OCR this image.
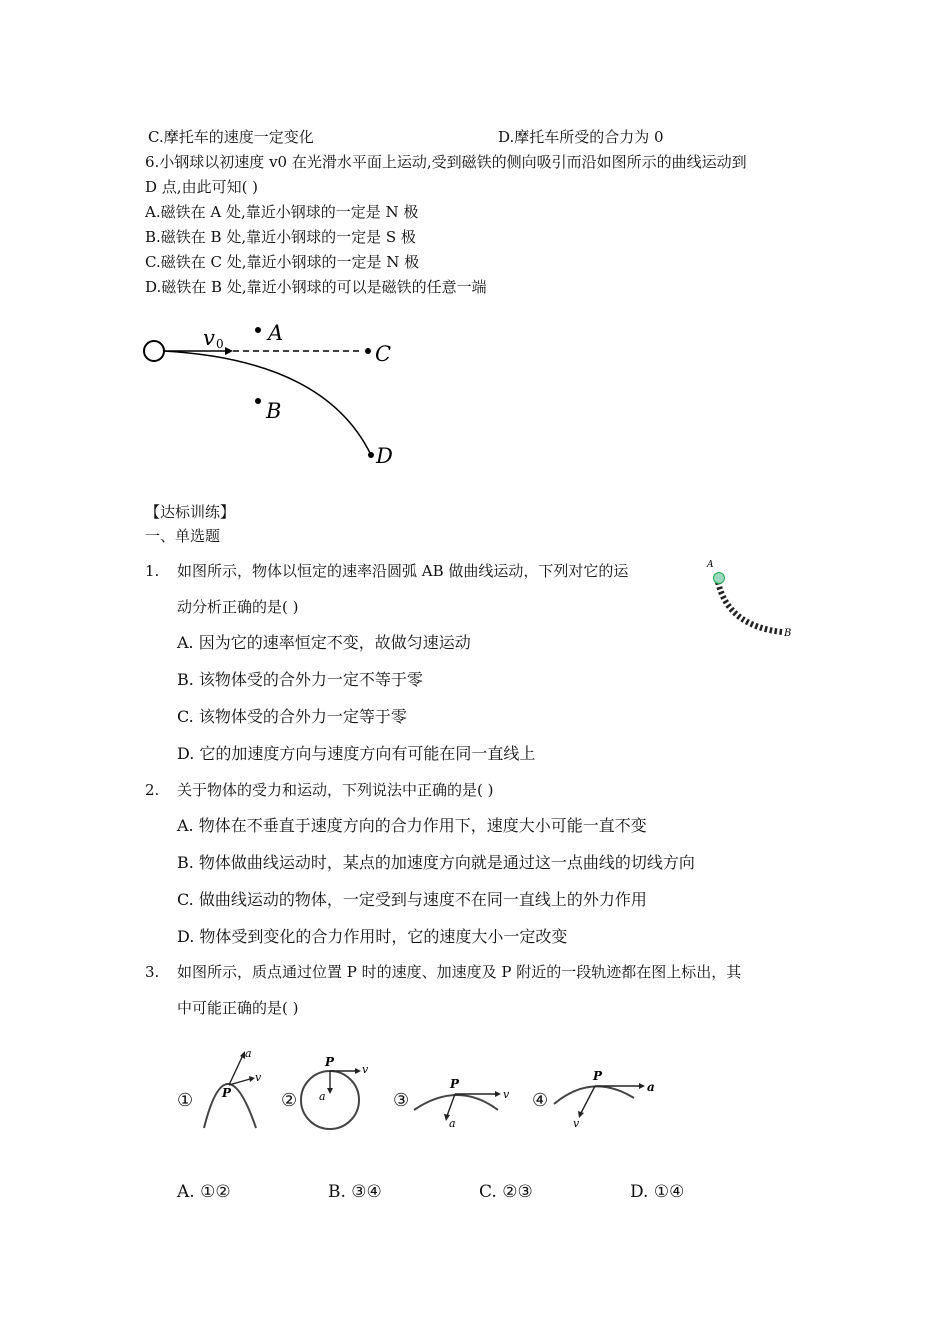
C.摩托车的速度一定变化	D.摩托车所受的合力为 0
6.小钢球以初速度 v0 在光滑水平面上运动,受到磁铁的侧向吸引而沿如图所示的曲线运动到
D 点,由此可知( )
A.磁铁在 A 处,靠近小钢球的一定是 N 极
B.磁铁在 B 处,靠近小钢球的一定是 S 极
C.磁铁在 C 处,靠近小钢球的一定是 N 极
D.磁铁在 B 处,靠近小钢球的可以是磁铁的任意一端
v 0 A
C
B
D
【达标训练】
一、单选题
1. 如图所示，物体以恒定的速率沿圆弧 AB 做曲线运动，下列对它的运
动分析正确的是( )
A. 因为它的速率恒定不变，故做匀速运动
B. 该物体受的合外力一定不等于零
C. 该物体受的合外力一定等于零
D. 它的加速度方向与速度方向有可能在同一直线上
A
B
2. 关于物体的受力和运动，下列说法中正确的是( )
A. 物体在不垂直于速度方向的合力作用下，速度大小可能一直不变
B. 物体做曲线运动时，某点的加速度方向就是通过这一点曲线的切线方向
C. 做曲线运动的物体，一定受到与速度不在同一直线上的外力作用
D. 物体受到变化的合力作用时，它的速度大小一定改变
3. 如图所示，质点通过位置 P 时的速度、加速度及 P 附近的一段轨迹都在图上标出，其
中可能正确的是( )
①
a
v
P	②
P
v
a	③
P
v
a
④
P
a
v
A. ①②	B. ③④	C. ②③	D. ①④
